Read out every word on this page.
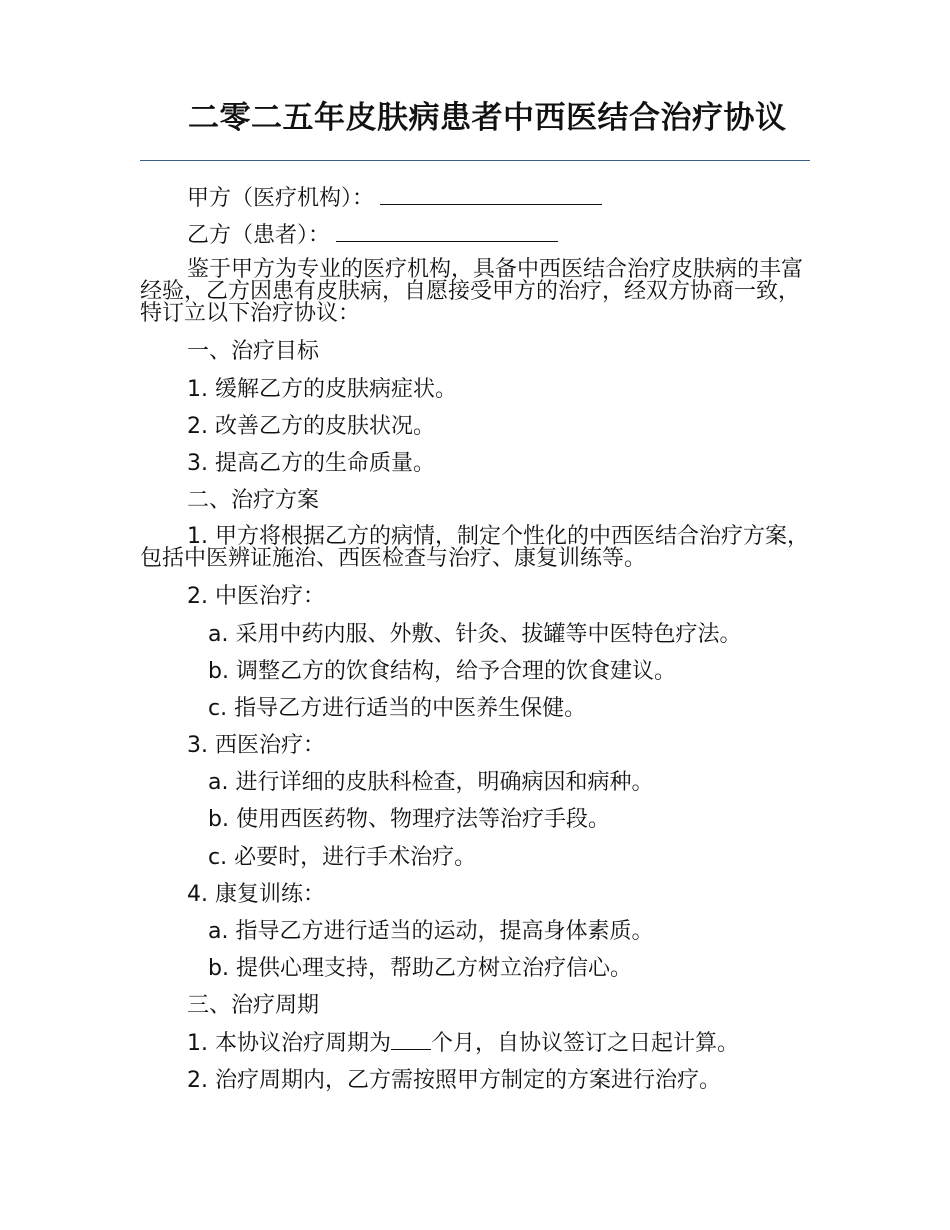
二零二五年皮肤病患者中西医结合治疗协议
甲方（医疗机构）：
乙方（患者）：
鉴于甲方为专业的医疗机构，具备中西医结合治疗皮肤病的丰富经验，乙方因患有皮肤病，自愿接受甲方的治疗，经双方协商一致，特订立以下治疗协议：
一、治疗目标
1. 缓解乙方的皮肤病症状。
2. 改善乙方的皮肤状况。
3. 提高乙方的生命质量。
二、治疗方案
1. 甲方将根据乙方的病情，制定个性化的中西医结合治疗方案，包括中医辨证施治、西医检查与治疗、康复训练等。
2. 中医治疗：
a. 采用中药内服、外敷、针灸、拔罐等中医特色疗法。
b. 调整乙方的饮食结构，给予合理的饮食建议。
c. 指导乙方进行适当的中医养生保健。
3. 西医治疗：
a. 进行详细的皮肤科检查，明确病因和病种。
b. 使用西医药物、物理疗法等治疗手段。
c. 必要时，进行手术治疗。
4. 康复训练：
a. 指导乙方进行适当的运动，提高身体素质。
b. 提供心理支持，帮助乙方树立治疗信心。
三、治疗周期
1. 本协议治疗周期为 个月，自协议签订之日起计算。
2. 治疗周期内，乙方需按照甲方制定的方案进行治疗。
